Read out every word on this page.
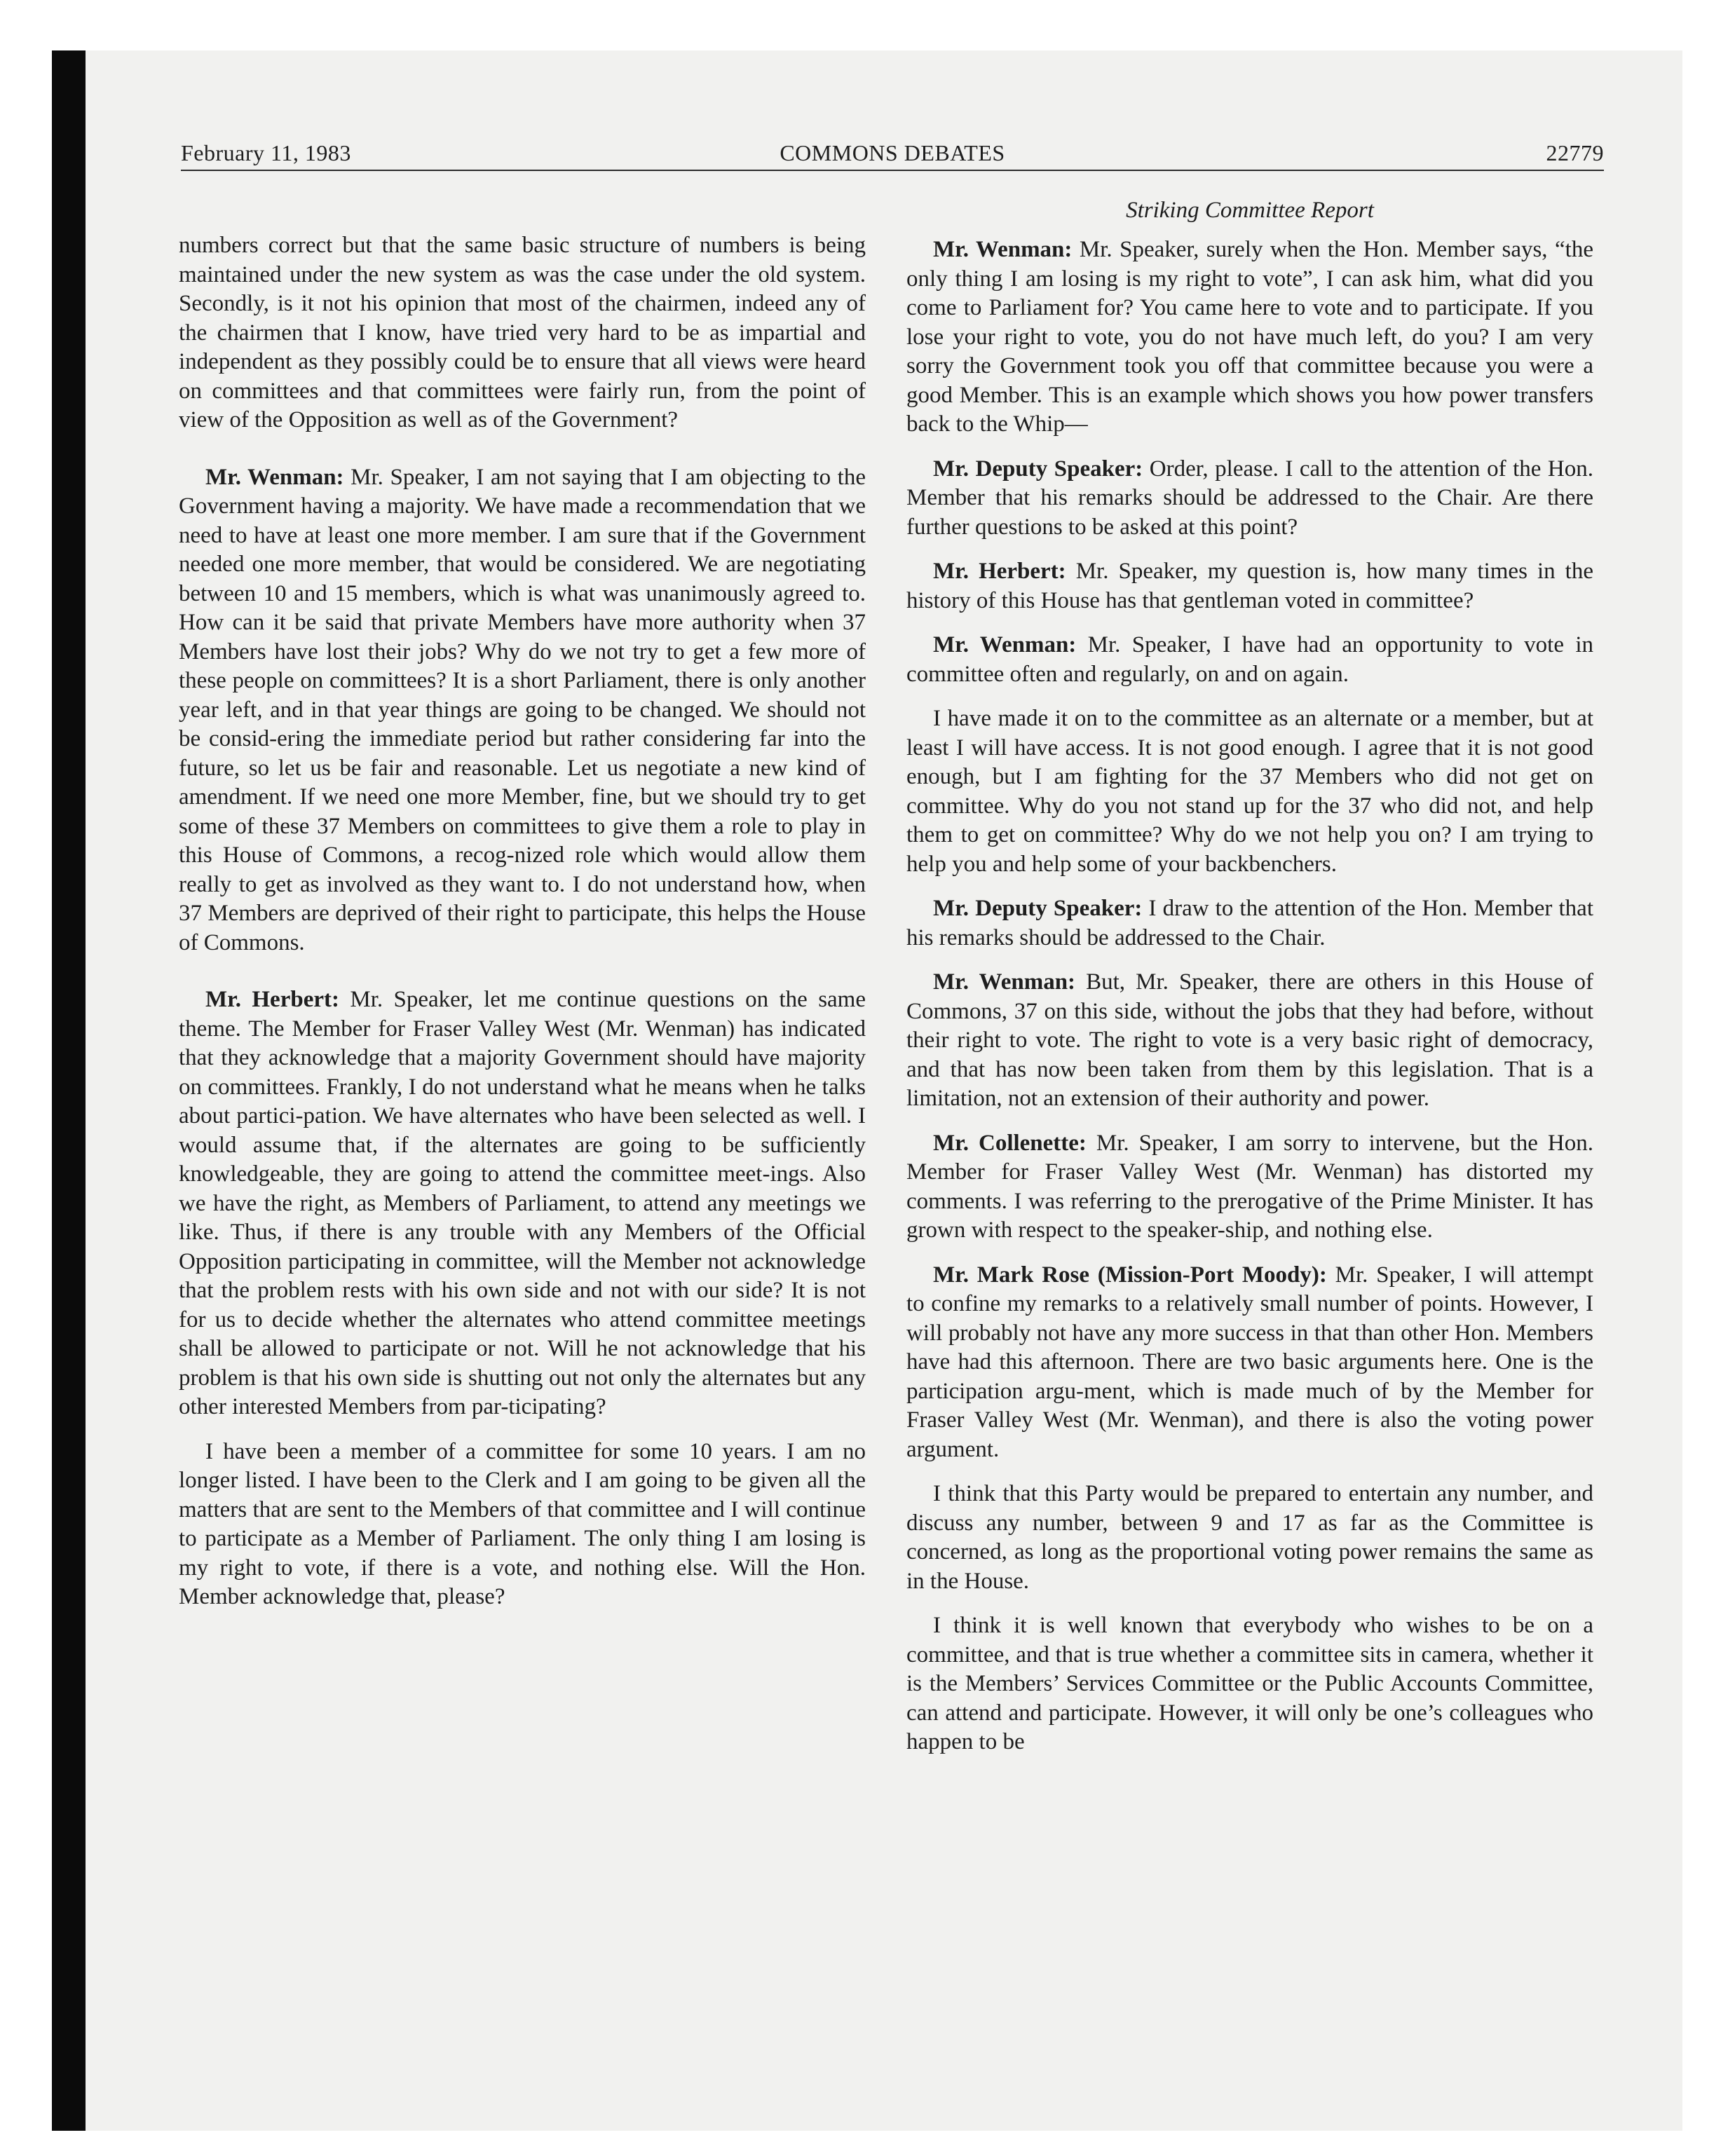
February 11, 1983	COMMONS DEBATES	22779

numbers correct but that the same basic structure of numbers is being maintained under the new system as was the case under the old system. Secondly, is it not his opinion that most of the chairmen, indeed any of the chairmen that I know, have tried very hard to be as impartial and independent as they possibly could be to ensure that all views were heard on committees and that committees were fairly run, from the point of view of the Opposition as well as of the Government?

Mr. Wenman: Mr. Speaker, I am not saying that I am objecting to the Government having a majority. We have made a recommendation that we need to have at least one more member. I am sure that if the Government needed one more member, that would be considered. We are negotiating between 10 and 15 members, which is what was unanimously agreed to. How can it be said that private Members have more authority when 37 Members have lost their jobs? Why do we not try to get a few more of these people on committees? It is a short Parliament, there is only another year left, and in that year things are going to be changed. We should not be consid-ering the immediate period but rather considering far into the future, so let us be fair and reasonable. Let us negotiate a new kind of amendment. If we need one more Member, fine, but we should try to get some of these 37 Members on committees to give them a role to play in this House of Commons, a recog-nized role which would allow them really to get as involved as they want to. I do not understand how, when 37 Members are deprived of their right to participate, this helps the House of Commons.

Mr. Herbert: Mr. Speaker, let me continue questions on the same theme. The Member for Fraser Valley West (Mr. Wenman) has indicated that they acknowledge that a majority Government should have majority on committees. Frankly, I do not understand what he means when he talks about partici-pation. We have alternates who have been selected as well. I would assume that, if the alternates are going to be sufficiently knowledgeable, they are going to attend the committee meet-ings. Also we have the right, as Members of Parliament, to attend any meetings we like. Thus, if there is any trouble with any Members of the Official Opposition participating in committee, will the Member not acknowledge that the problem rests with his own side and not with our side? It is not for us to decide whether the alternates who attend committee meetings shall be allowed to participate or not. Will he not acknowledge that his problem is that his own side is shutting out not only the alternates but any other interested Members from par-ticipating?

I have been a member of a committee for some 10 years. I am no longer listed. I have been to the Clerk and I am going to be given all the matters that are sent to the Members of that committee and I will continue to participate as a Member of Parliament. The only thing I am losing is my right to vote, if there is a vote, and nothing else. Will the Hon. Member acknowledge that, please?

Striking Committee Report

Mr. Wenman: Mr. Speaker, surely when the Hon. Member says, “the only thing I am losing is my right to vote”, I can ask him, what did you come to Parliament for? You came here to vote and to participate. If you lose your right to vote, you do not have much left, do you? I am very sorry the Government took you off that committee because you were a good Member. This is an example which shows you how power transfers back to the Whip—

Mr. Deputy Speaker: Order, please. I call to the attention of the Hon. Member that his remarks should be addressed to the Chair. Are there further questions to be asked at this point?

Mr. Herbert: Mr. Speaker, my question is, how many times in the history of this House has that gentleman voted in committee?

Mr. Wenman: Mr. Speaker, I have had an opportunity to vote in committee often and regularly, on and on again.

I have made it on to the committee as an alternate or a member, but at least I will have access. It is not good enough. I agree that it is not good enough, but I am fighting for the 37 Members who did not get on committee. Why do you not stand up for the 37 who did not, and help them to get on committee? Why do we not help you on? I am trying to help you and help some of your backbenchers.

Mr. Deputy Speaker: I draw to the attention of the Hon. Member that his remarks should be addressed to the Chair.

Mr. Wenman: But, Mr. Speaker, there are others in this House of Commons, 37 on this side, without the jobs that they had before, without their right to vote. The right to vote is a very basic right of democracy, and that has now been taken from them by this legislation. That is a limitation, not an extension of their authority and power.

Mr. Collenette: Mr. Speaker, I am sorry to intervene, but the Hon. Member for Fraser Valley West (Mr. Wenman) has distorted my comments. I was referring to the prerogative of the Prime Minister. It has grown with respect to the speaker-ship, and nothing else.

Mr. Mark Rose (Mission-Port Moody): Mr. Speaker, I will attempt to confine my remarks to a relatively small number of points. However, I will probably not have any more success in that than other Hon. Members have had this afternoon. There are two basic arguments here. One is the participation argu-ment, which is made much of by the Member for Fraser Valley West (Mr. Wenman), and there is also the voting power argument.

I think that this Party would be prepared to entertain any number, and discuss any number, between 9 and 17 as far as the Committee is concerned, as long as the proportional voting power remains the same as in the House.

I think it is well known that everybody who wishes to be on a committee, and that is true whether a committee sits in camera, whether it is the Members’ Services Committee or the Public Accounts Committee, can attend and participate. However, it will only be one’s colleagues who happen to be
